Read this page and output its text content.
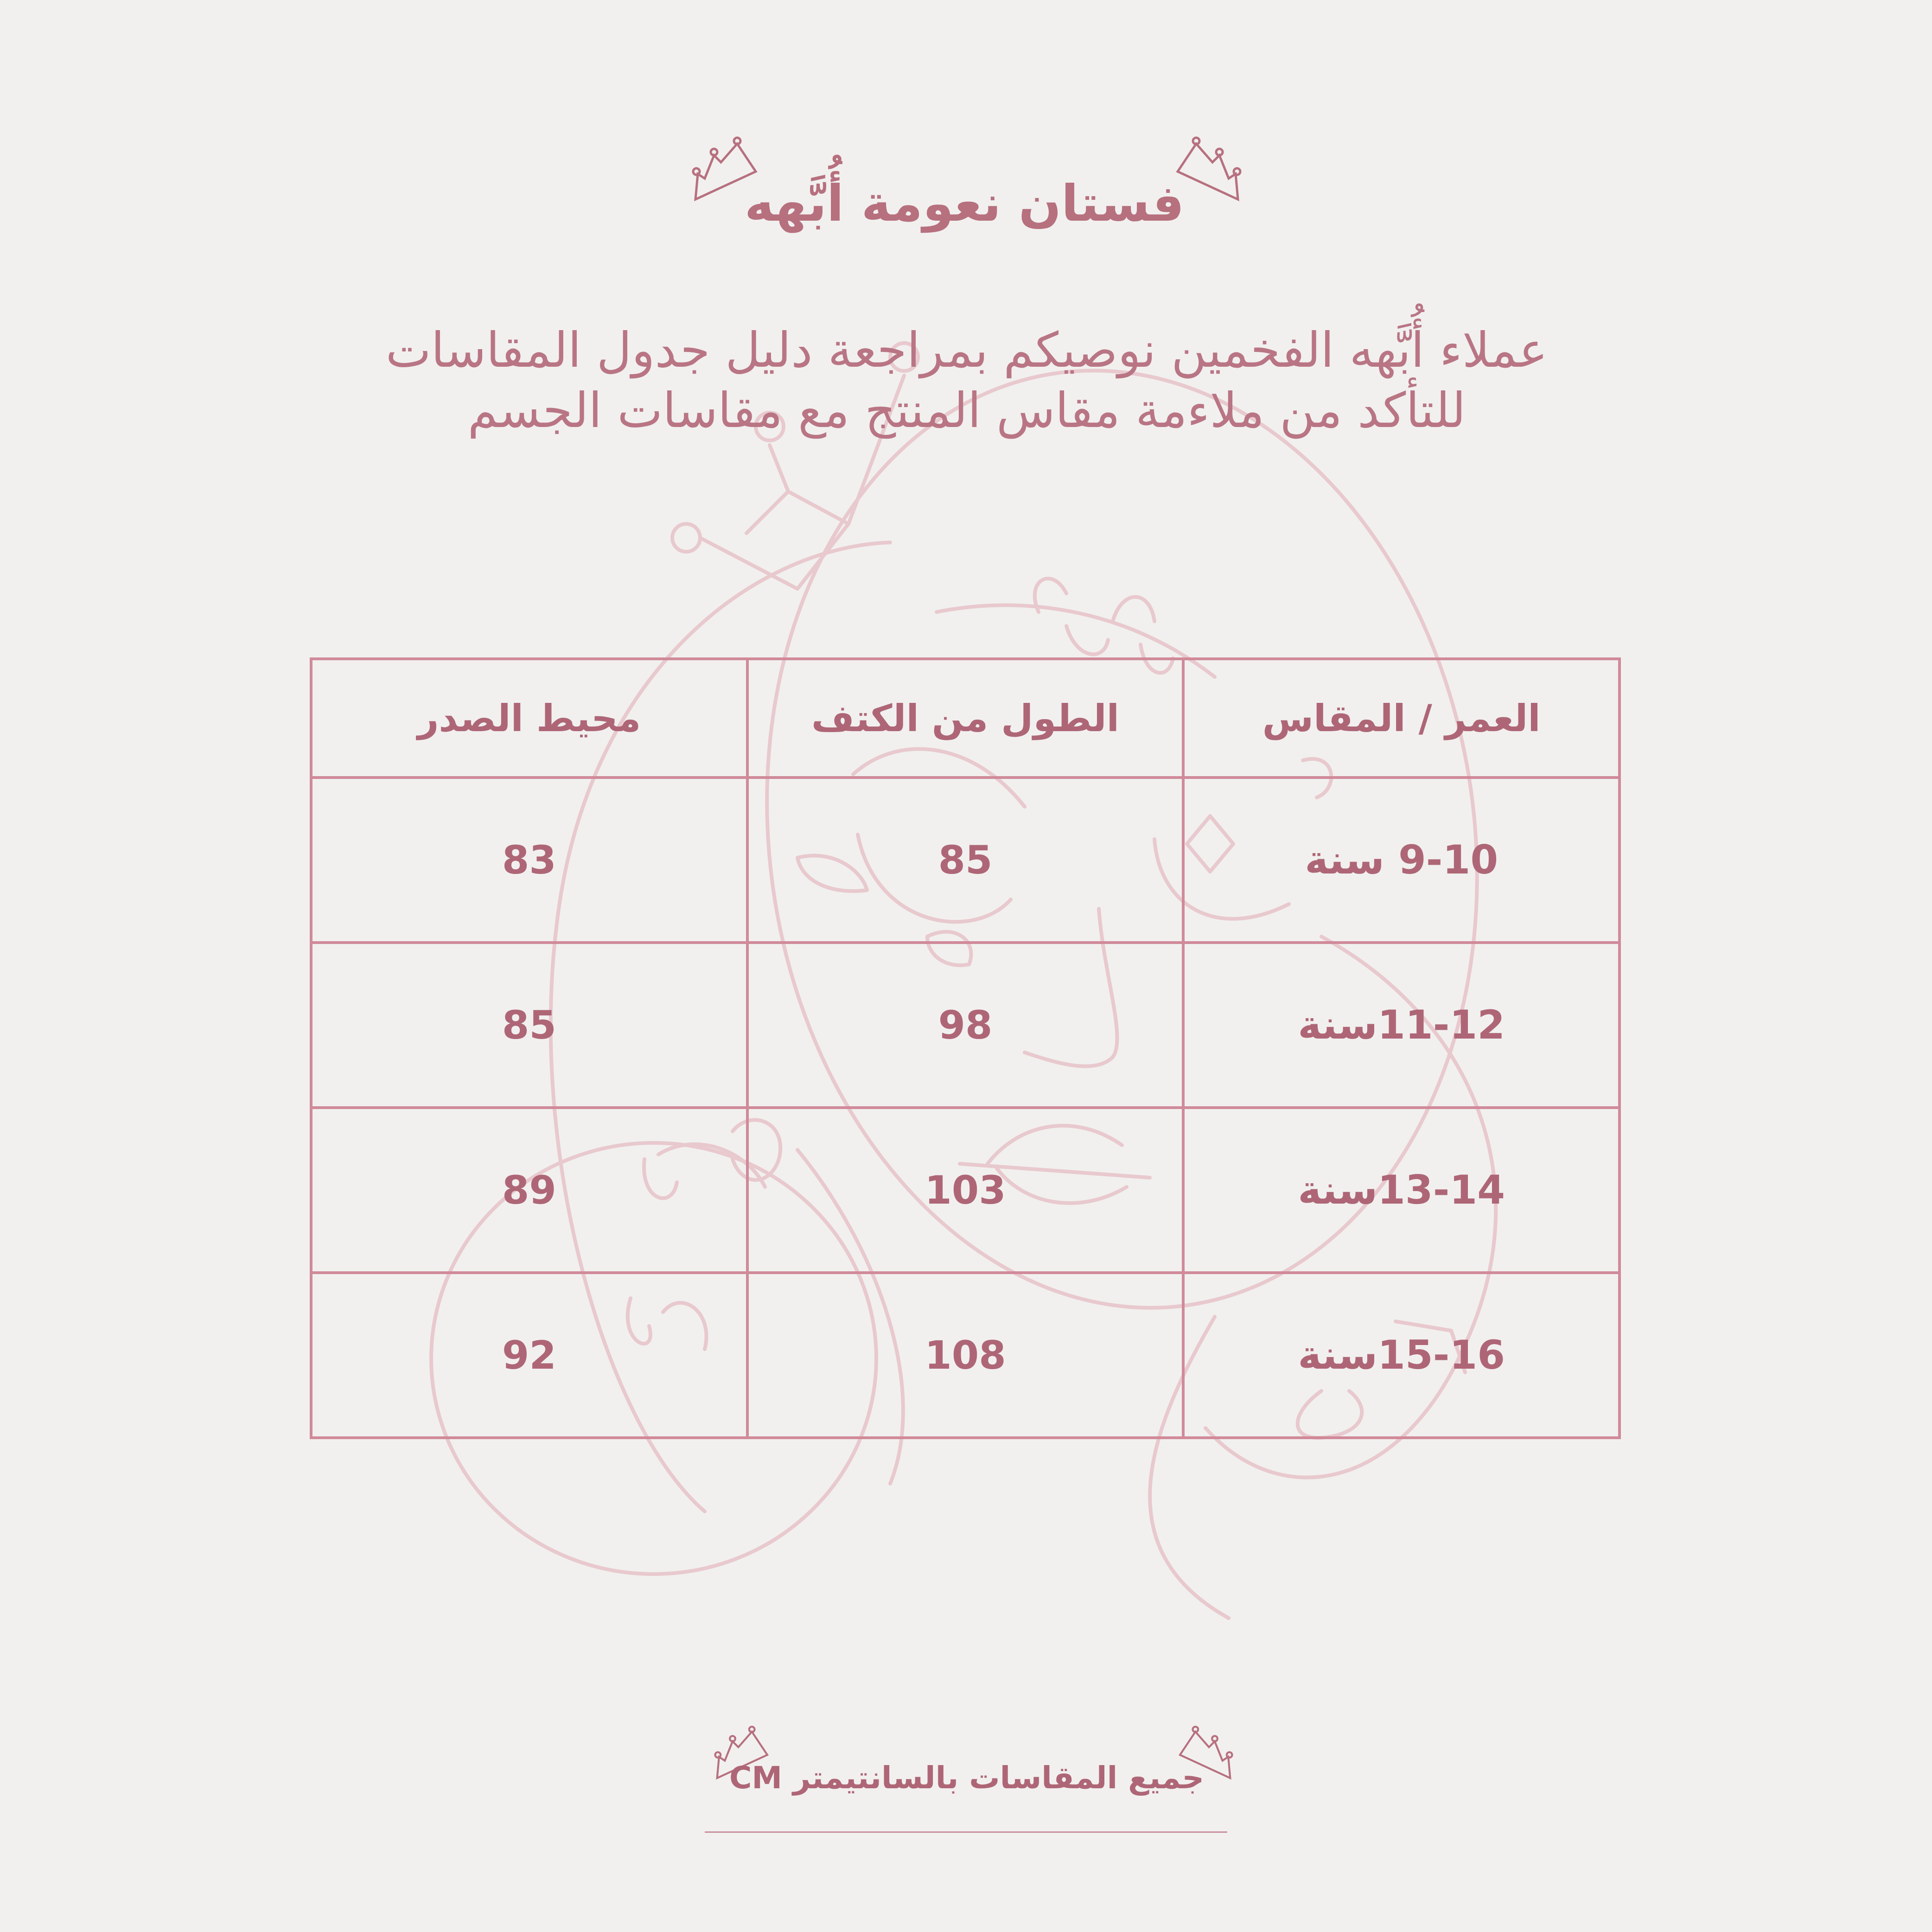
فستان نعومة أُبَّهه
عملاء أُبَّهه الفخمين نوصيكم بمراجعة دليل جدول المقاسات
للتأكد من ملاءمة مقاس المنتج مع مقاسات الجسم
العمر / المقاس	الطول من الكتف	محيط الصدر
9-10 سنة	85	83
11-12سنة	98	85
13-14سنة	103	89
15-16سنة	108	92
جميع المقاسات بالسانتيمتر CM
